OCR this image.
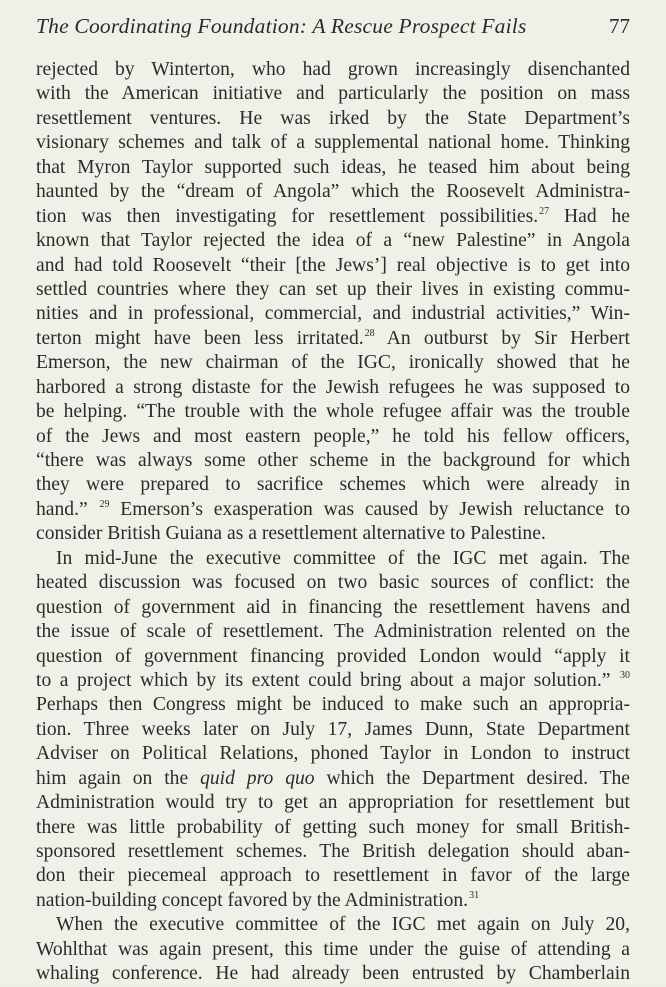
The Coordinating Foundation: A Rescue Prospect Fails	77
rejected by Winterton, who had grown increasingly disenchanted
with the American initiative and particularly the position on mass
resettlement ventures. He was irked by the State Department’s
visionary schemes and talk of a supplemental national home. Thinking
that Myron Taylor supported such ideas, he teased him about being
haunted by the “dream of Angola” which the Roosevelt Administra-
tion was then investigating for resettlement possibilities.$^{27}$ Had he
known that Taylor rejected the idea of a “new Palestine” in Angola
and had told Roosevelt “their [the Jews’] real objective is to get into
settled countries where they can set up their lives in existing commu-
nities and in professional, commercial, and industrial activities,” Win-
terton might have been less irritated.$^{28}$ An outburst by Sir Herbert
Emerson, the new chairman of the IGC, ironically showed that he
harbored a strong distaste for the Jewish refugees he was supposed to
be helping. “The trouble with the whole refugee affair was the trouble
of the Jews and most eastern people,” he told his fellow officers,
“there was always some other scheme in the background for which
they were prepared to sacrifice schemes which were already in
hand.” $^{29}$ Emerson’s exasperation was caused by Jewish reluctance to
consider British Guiana as a resettlement alternative to Palestine.
In mid-June the executive committee of the IGC met again. The
heated discussion was focused on two basic sources of conflict: the
question of government aid in financing the resettlement havens and
the issue of scale of resettlement. The Administration relented on the
question of government financing provided London would “apply it
to a project which by its extent could bring about a major solution.” $^{30}$
Perhaps then Congress might be induced to make such an appropria-
tion. Three weeks later on July 17, James Dunn, State Department
Adviser on Political Relations, phoned Taylor in London to instruct
him again on the quid pro quo which the Department desired. The
Administration would try to get an appropriation for resettlement but
there was little probability of getting such money for small British-
sponsored resettlement schemes. The British delegation should aban-
don their piecemeal approach to resettlement in favor of the large
nation-building concept favored by the Administration.$^{31}$
When the executive committee of the IGC met again on July 20,
Wohlthat was again present, this time under the guise of attending a
whaling conference. He had already been entrusted by Chamberlain
